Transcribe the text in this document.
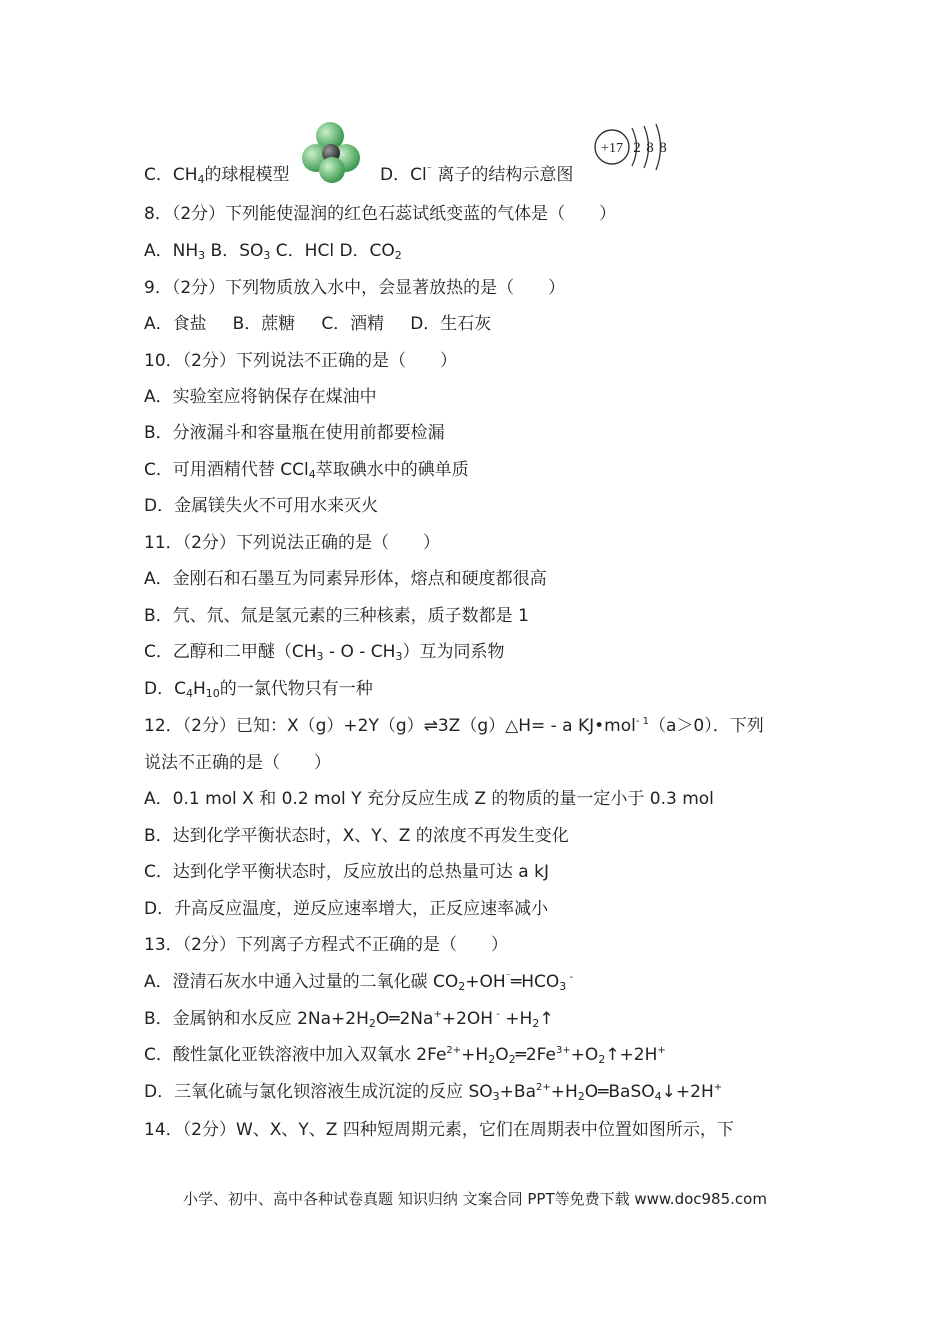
C．$CH_4$的球棍模型	D．Cl⁻ 离子的结构示意图
+17 2 8 8
8．（2分）下列能使湿润的红色石蕊试纸变蓝的气体是（　　）
A．$NH_3$ B．$SO_3$ C．HCl D．$CO_2$
9．（2分）下列物质放入水中，会显著放热的是（　　）
A．食盐 B．蔗糖 C．酒精 D．生石灰
10．（2分）下列说法不正确的是（　　）
A．实验室应将钠保存在煤油中
B．分液漏斗和容量瓶在使用前都要检漏
C．可用酒精代替 CCl$_4$萃取碘水中的碘单质
D．金属镁失火不可用水来灭火
11．（2分）下列说法正确的是（　　）
A．金刚石和石墨互为同素异形体，熔点和硬度都很高
B．氕、氘、氚是氢元素的三种核素，质子数都是 1
C．乙醇和二甲醚（$CH_3$ - O - $CH_3$）互为同系物
D．$C_4H_{10}$的一氯代物只有一种
12．（2分）已知：X（g）+2Y（g）⇌3Z（g）△H= - a KJ•mol$^{- 1}$（a＞0）．下列
说法不正确的是（　　）
A．0.1 mol X 和 0.2 mol Y 充分反应生成 Z 的物质的量一定小于 0.3 mol
B．达到化学平衡状态时，X、Y、Z 的浓度不再发生变化
C．达到化学平衡状态时，反应放出的总热量可达 a kJ
D．升高反应温度，逆反应速率增大，正反应速率减小
13．（2分）下列离子方程式不正确的是（　　）
A．澄清石灰水中通入过量的二氧化碳 $CO_2+OH^{^-}═HCO_3$ -
B．金属钠和水反应 $2Na+2H_2O═2Na^++2OH$ $^- +H_2↑$
C．酸性氯化亚铁溶液中加入双氧水 $2Fe^{2+}+H_2O_2═2Fe^{3+}+O_2↑+2H^+$
D．三氧化硫与氯化钡溶液生成沉淀的反应 $SO_3+Ba^{2+}+H_2O═BaSO_4↓+2H^+$
14．（2分）W、X、Y、Z 四种短周期元素，它们在周期表中位置如图所示，下
小学、初中、高中各种试卷真题 知识归纳 文案合同 PPT等免费下载 www.doc985.com
